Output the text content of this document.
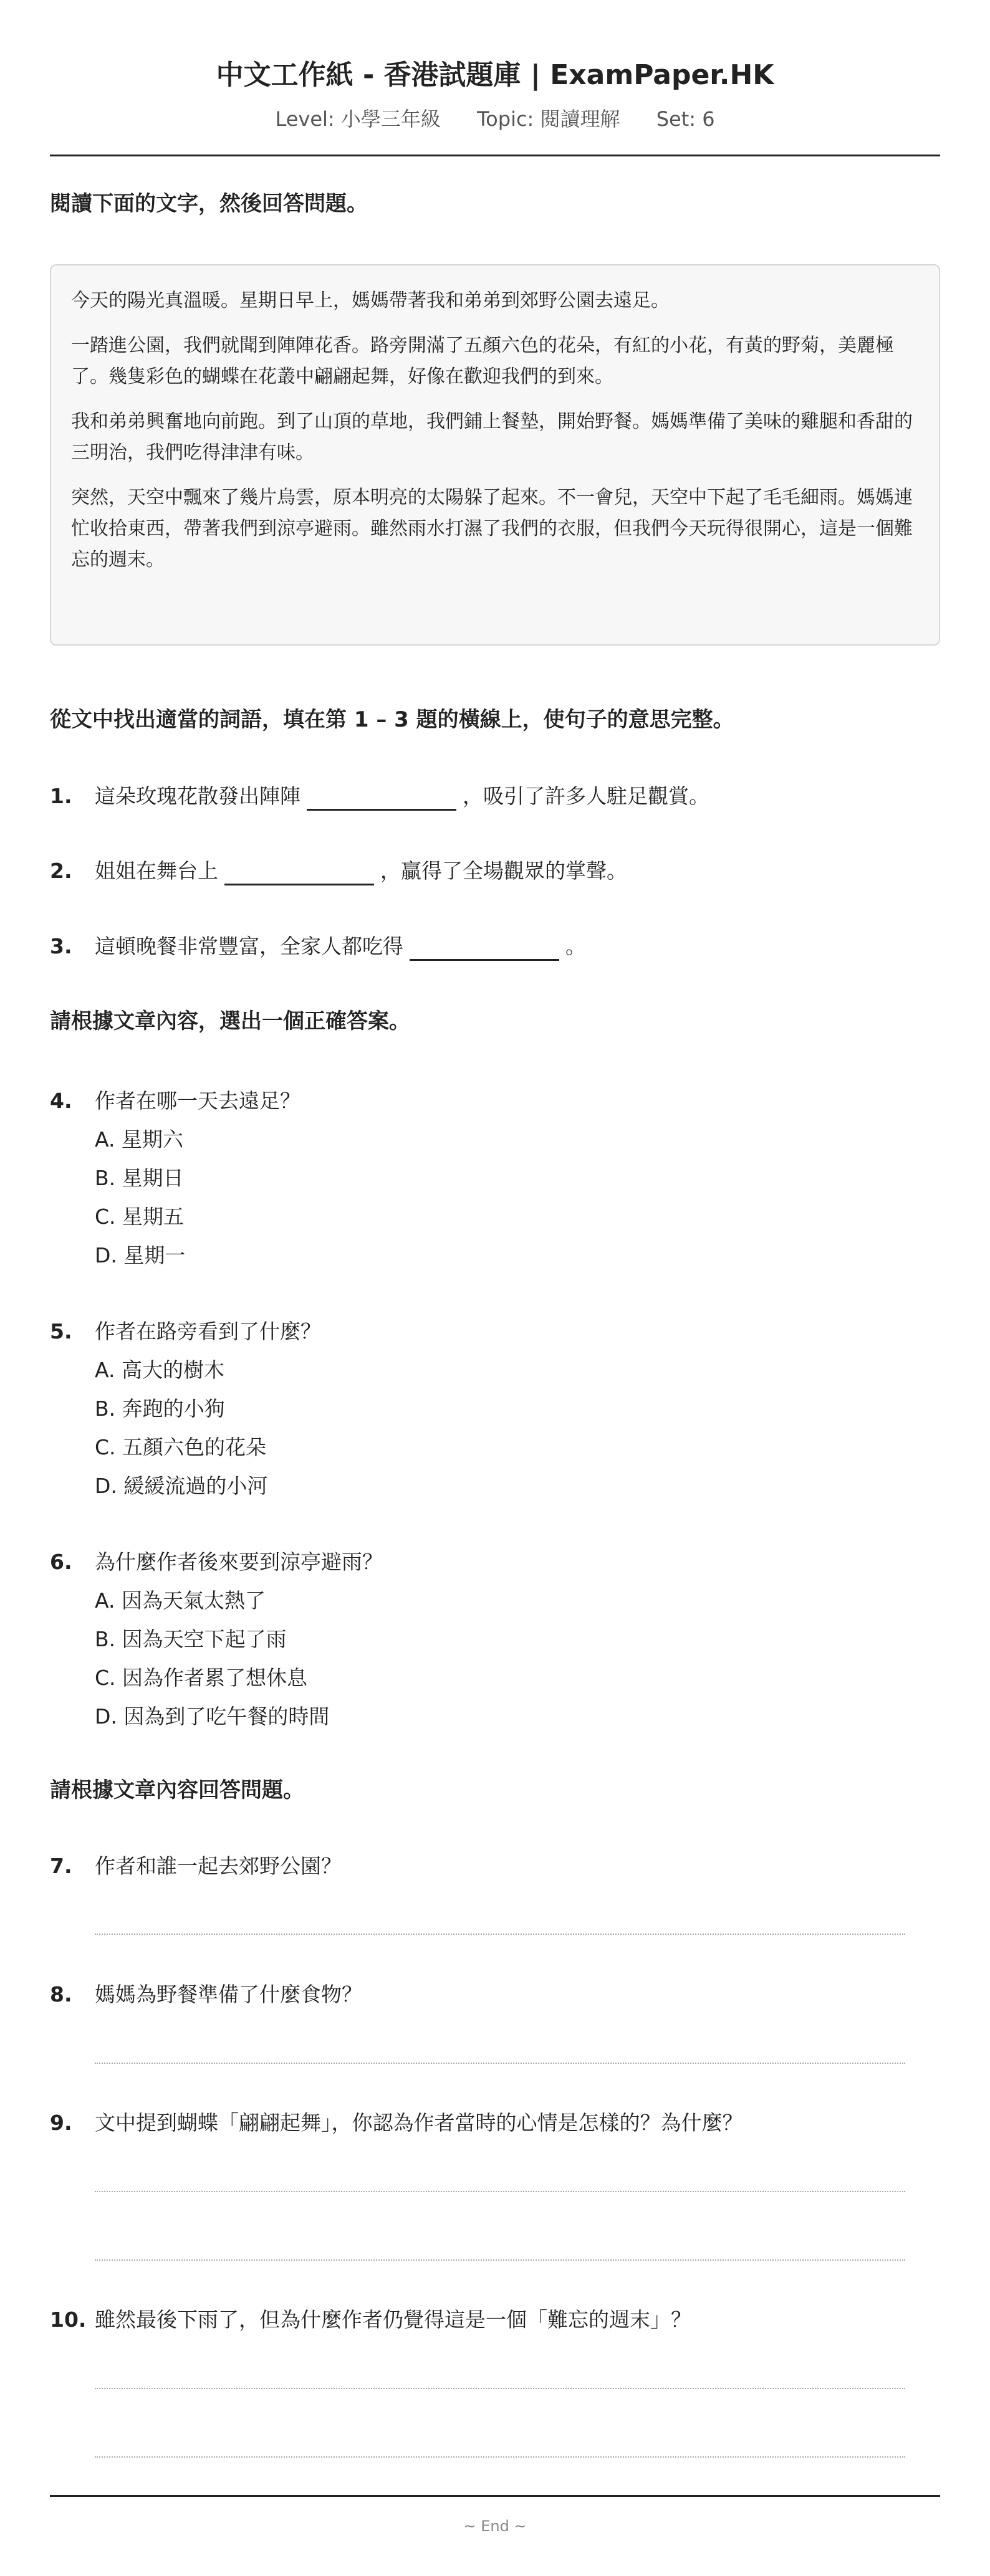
中文工作紙 - 香港試題庫 | ExamPaper.HK
Level: 小學三年級 Topic: 閱讀理解 Set: 6
閱讀下面的文字，然後回答問題。

今天的陽光真溫暖。星期日早上，媽媽帶著我和弟弟到郊野公園去遠足。

一踏進公園，我們就聞到陣陣花香。路旁開滿了五顏六色的花朵，有紅的小花，有黃的野菊，美麗極了。幾隻彩色的蝴蝶在花叢中翩翩起舞，好像在歡迎我們的到來。

我和弟弟興奮地向前跑。到了山頂的草地，我們鋪上餐墊，開始野餐。媽媽準備了美味的雞腿和香甜的三明治，我們吃得津津有味。

突然，天空中飄來了幾片烏雲，原本明亮的太陽躲了起來。不一會兒，天空中下起了毛毛細雨。媽媽連忙收拾東西，帶著我們到涼亭避雨。雖然雨水打濕了我們的衣服，但我們今天玩得很開心，這是一個難忘的週末。

從文中找出適當的詞語，填在第 1 – 3 題的橫線上，使句子的意思完整。
1.	這朵玫瑰花散發出陣陣	，吸引了許多人駐足觀賞。
2.	姐姐在舞台上	，贏得了全場觀眾的掌聲。
3.	這頓晚餐非常豐富，全家人都吃得	。
請根據文章內容，選出一個正確答案。
4.	作者在哪一天去遠足？
A. 星期六
B. 星期日
C. 星期五
D. 星期一
5.	作者在路旁看到了什麼？
A. 高大的樹木
B. 奔跑的小狗
C. 五顏六色的花朵
D. 緩緩流過的小河
6.	為什麼作者後來要到涼亭避雨？
A. 因為天氣太熱了
B. 因為天空下起了雨
C. 因為作者累了想休息
D. 因為到了吃午餐的時間
請根據文章內容回答問題。
7.	作者和誰一起去郊野公園？
8.	媽媽為野餐準備了什麼食物？
9.	文中提到蝴蝶「翩翩起舞」，你認為作者當時的心情是怎樣的？為什麼？
10. 雖然最後下雨了，但為什麼作者仍覺得這是一個「難忘的週末」？
~ End ~
